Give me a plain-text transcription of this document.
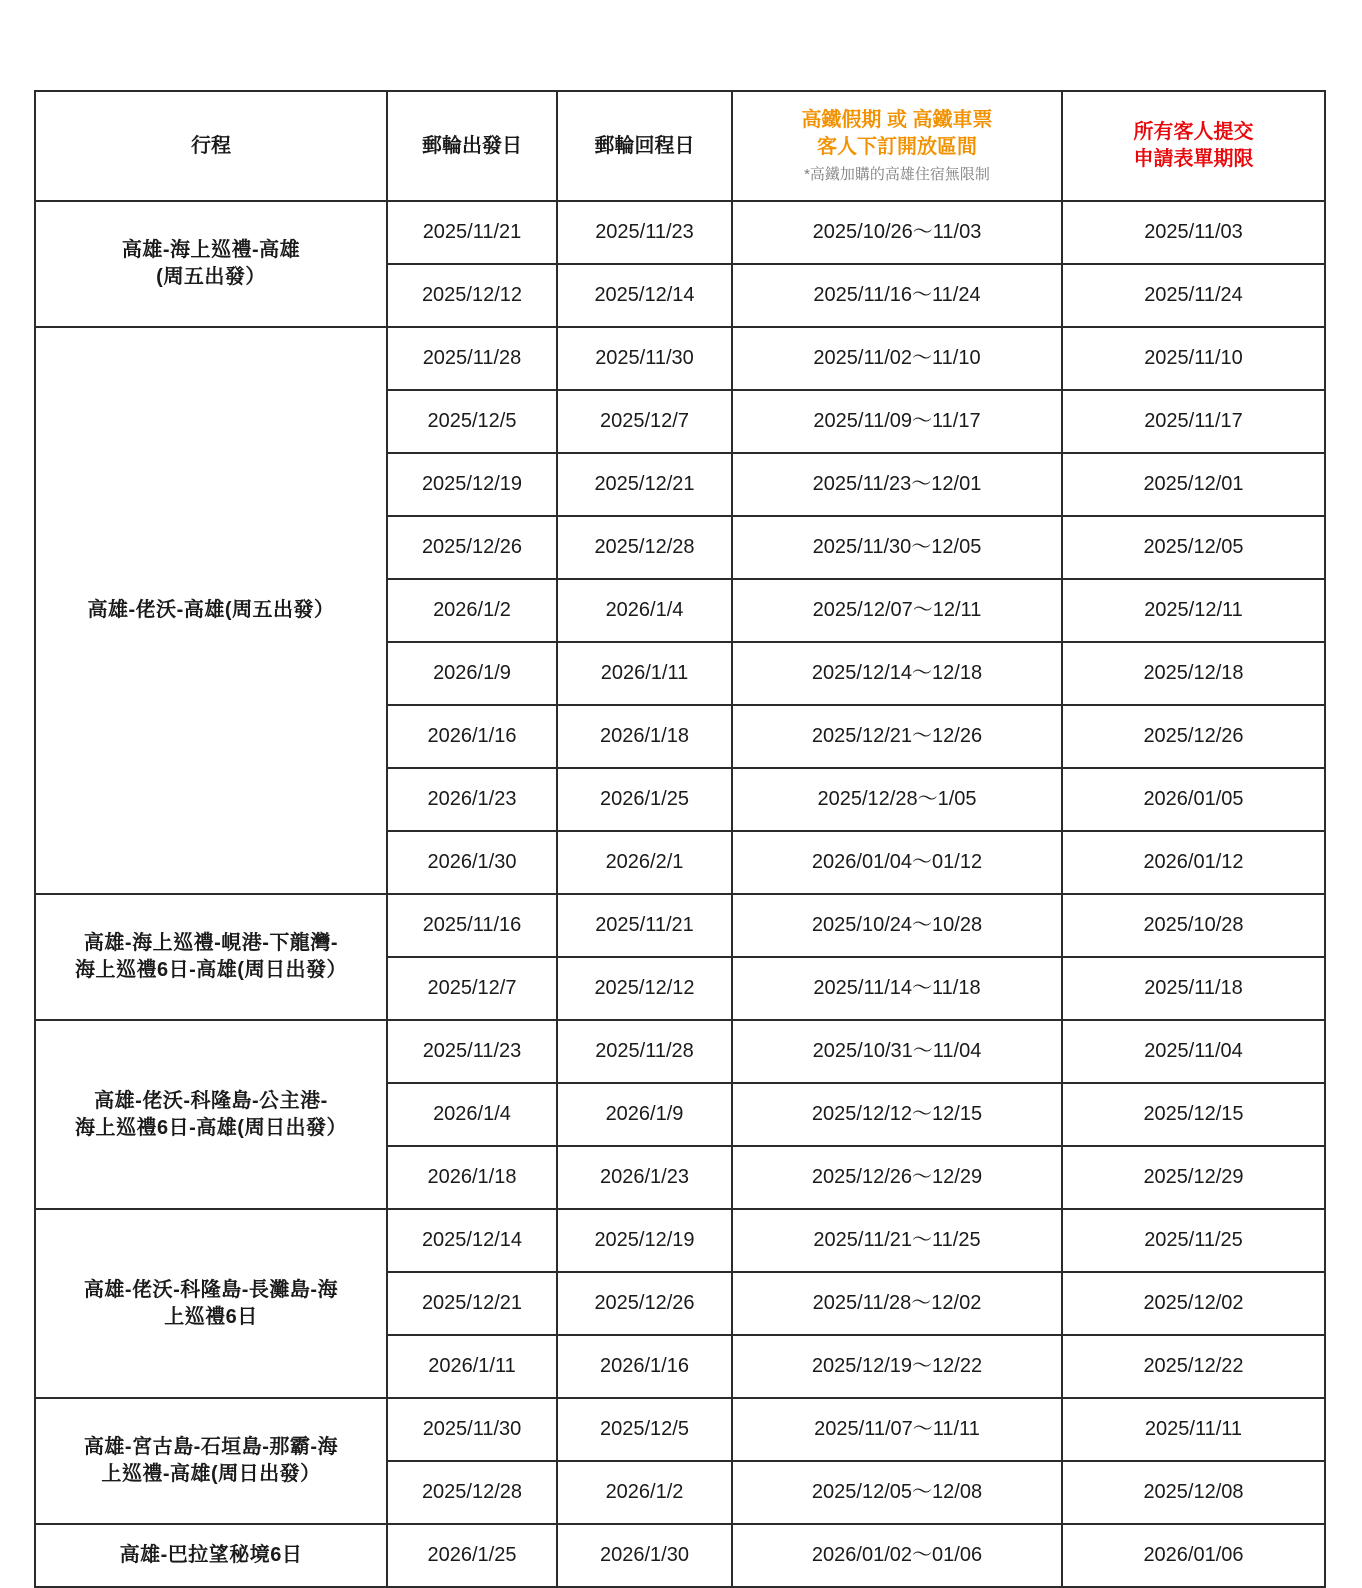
行程	郵輪出發日	郵輪回程日	高鐵假期 或 高鐵車票
客人下訂開放區間
*高鐵加購的高雄住宿無限制	所有客人提交
申請表單期限
高雄-海上巡禮-高雄
(周五出發）	2025/11/21	2025/11/23	2025/10/26～11/03	2025/11/03
	2025/12/12	2025/12/14	2025/11/16～11/24	2025/11/24
高雄-佬沃-高雄(周五出發）	2025/11/28	2025/11/30	2025/11/02～11/10	2025/11/10
	2025/12/5	2025/12/7	2025/11/09～11/17	2025/11/17
	2025/12/19	2025/12/21	2025/11/23～12/01	2025/12/01
	2025/12/26	2025/12/28	2025/11/30～12/05	2025/12/05
	2026/1/2	2026/1/4	2025/12/07～12/11	2025/12/11
	2026/1/9	2026/1/11	2025/12/14～12/18	2025/12/18
	2026/1/16	2026/1/18	2025/12/21～12/26	2025/12/26
	2026/1/23	2026/1/25	2025/12/28～1/05	2026/01/05
	2026/1/30	2026/2/1	2026/01/04～01/12	2026/01/12
高雄-海上巡禮-峴港-下龍灣-
海上巡禮6日-高雄(周日出發）	2025/11/16	2025/11/21	2025/10/24～10/28	2025/10/28
	2025/12/7	2025/12/12	2025/11/14～11/18	2025/11/18
高雄-佬沃-科隆島-公主港-
海上巡禮6日-高雄(周日出發）	2025/11/23	2025/11/28	2025/10/31～11/04	2025/11/04
	2026/1/4	2026/1/9	2025/12/12～12/15	2025/12/15
	2026/1/18	2026/1/23	2025/12/26～12/29	2025/12/29
高雄-佬沃-科隆島-長灘島-海
上巡禮6日	2025/12/14	2025/12/19	2025/11/21～11/25	2025/11/25
	2025/12/21	2025/12/26	2025/11/28～12/02	2025/12/02
	2026/1/11	2026/1/16	2025/12/19～12/22	2025/12/22
高雄-宮古島-石垣島-那霸-海
上巡禮-高雄(周日出發）	2025/11/30	2025/12/5	2025/11/07～11/11	2025/11/11
	2025/12/28	2026/1/2	2025/12/05～12/08	2025/12/08
高雄-巴拉望秘境6日	2026/1/25	2026/1/30	2026/01/02～01/06	2026/01/06
